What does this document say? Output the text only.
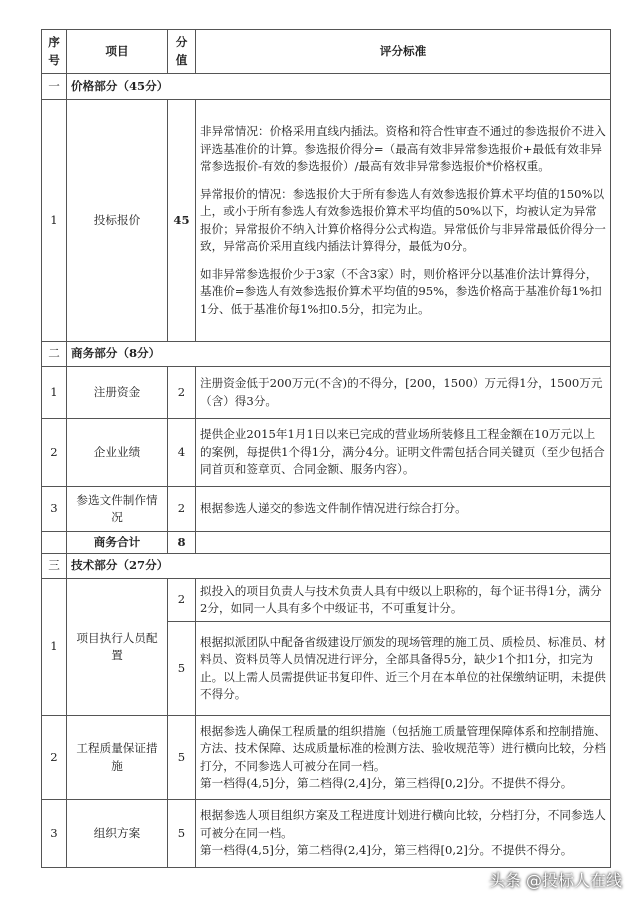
序号	项目	分值	评分标准
一	价格部分（45分）		
1	投标报价	45	非异常情况：价格采用直线内插法。资格和符合性审查不通过的参选报价不进入评选基准价的计算。参选报价得分=（最高有效非异常参选报价+最低有效非异常参选报价-有效的参选报价）/最高有效非异常参选报价*价格权重。

异常报价的情况：参选报价大于所有参选人有效参选报价算术平均值的150%以上，或小于所有参选人有效参选报价算术平均值的50%以下，均被认定为异常报价；异常报价不纳入计算价格得分公式构造。异常低价与非异常最低价得分一致，异常高价采用直线内插法计算得分，最低为0分。

如非异常参选报价少于3家（不含3家）时，则价格评分以基准价法计算得分，基准价=参选人有效参选报价算术平均值的95%，参选价格高于基准价每1%扣1分、低于基准价每1%扣0.5分，扣完为止。

二	商务部分（8分）		
1	注册资金	2	注册资金低于200万元(不含)的不得分，[200，1500）万元得1分，1500万元（含）得3分。
2	企业业绩	4	提供企业2015年1月1日以来已完成的营业场所装修且工程金额在10万元以上的案例，每提供1个得1分，满分4分。证明文件需包括合同关键页（至少包括合同首页和签章页、合同金额、服务内容）。
3	参选文件制作情况	2	根据参选人递交的参选文件制作情况进行综合打分。
	商务合计	8	
三	技术部分（27分）		
1	项目执行人员配置	2	拟投入的项目负责人与技术负责人具有中级以上职称的，每个证书得1分，满分2分，如同一人具有多个中级证书，不可重复计分。
		5	根据拟派团队中配备省级建设厅颁发的现场管理的施工员、质检员、标准员、材料员、资料员等人员情况进行评分，全部具备得5分，缺少1个扣1分，扣完为止。以上需人员需提供证书复印件、近三个月在本单位的社保缴纳证明，未提供不得分。
2	工程质量保证措施	5	根据参选人确保工程质量的组织措施（包括施工质量管理保障体系和控制措施、方法、技术保障、达成质量标准的检测方法、验收规范等）进行横向比较，分档打分，不同参选人可被分在同一档。

第一档得(4,5]分，第二档得(2,4]分，第三档得[0,2]分。不提供不得分。

3	组织方案	5	根据参选人项目组织方案及工程进度计划进行横向比较，分档打分，不同参选人可被分在同一档。

第一档得(4,5]分，第二档得(2,4]分，第三档得[0,2]分。不提供不得分。

头条 @投标人在线
